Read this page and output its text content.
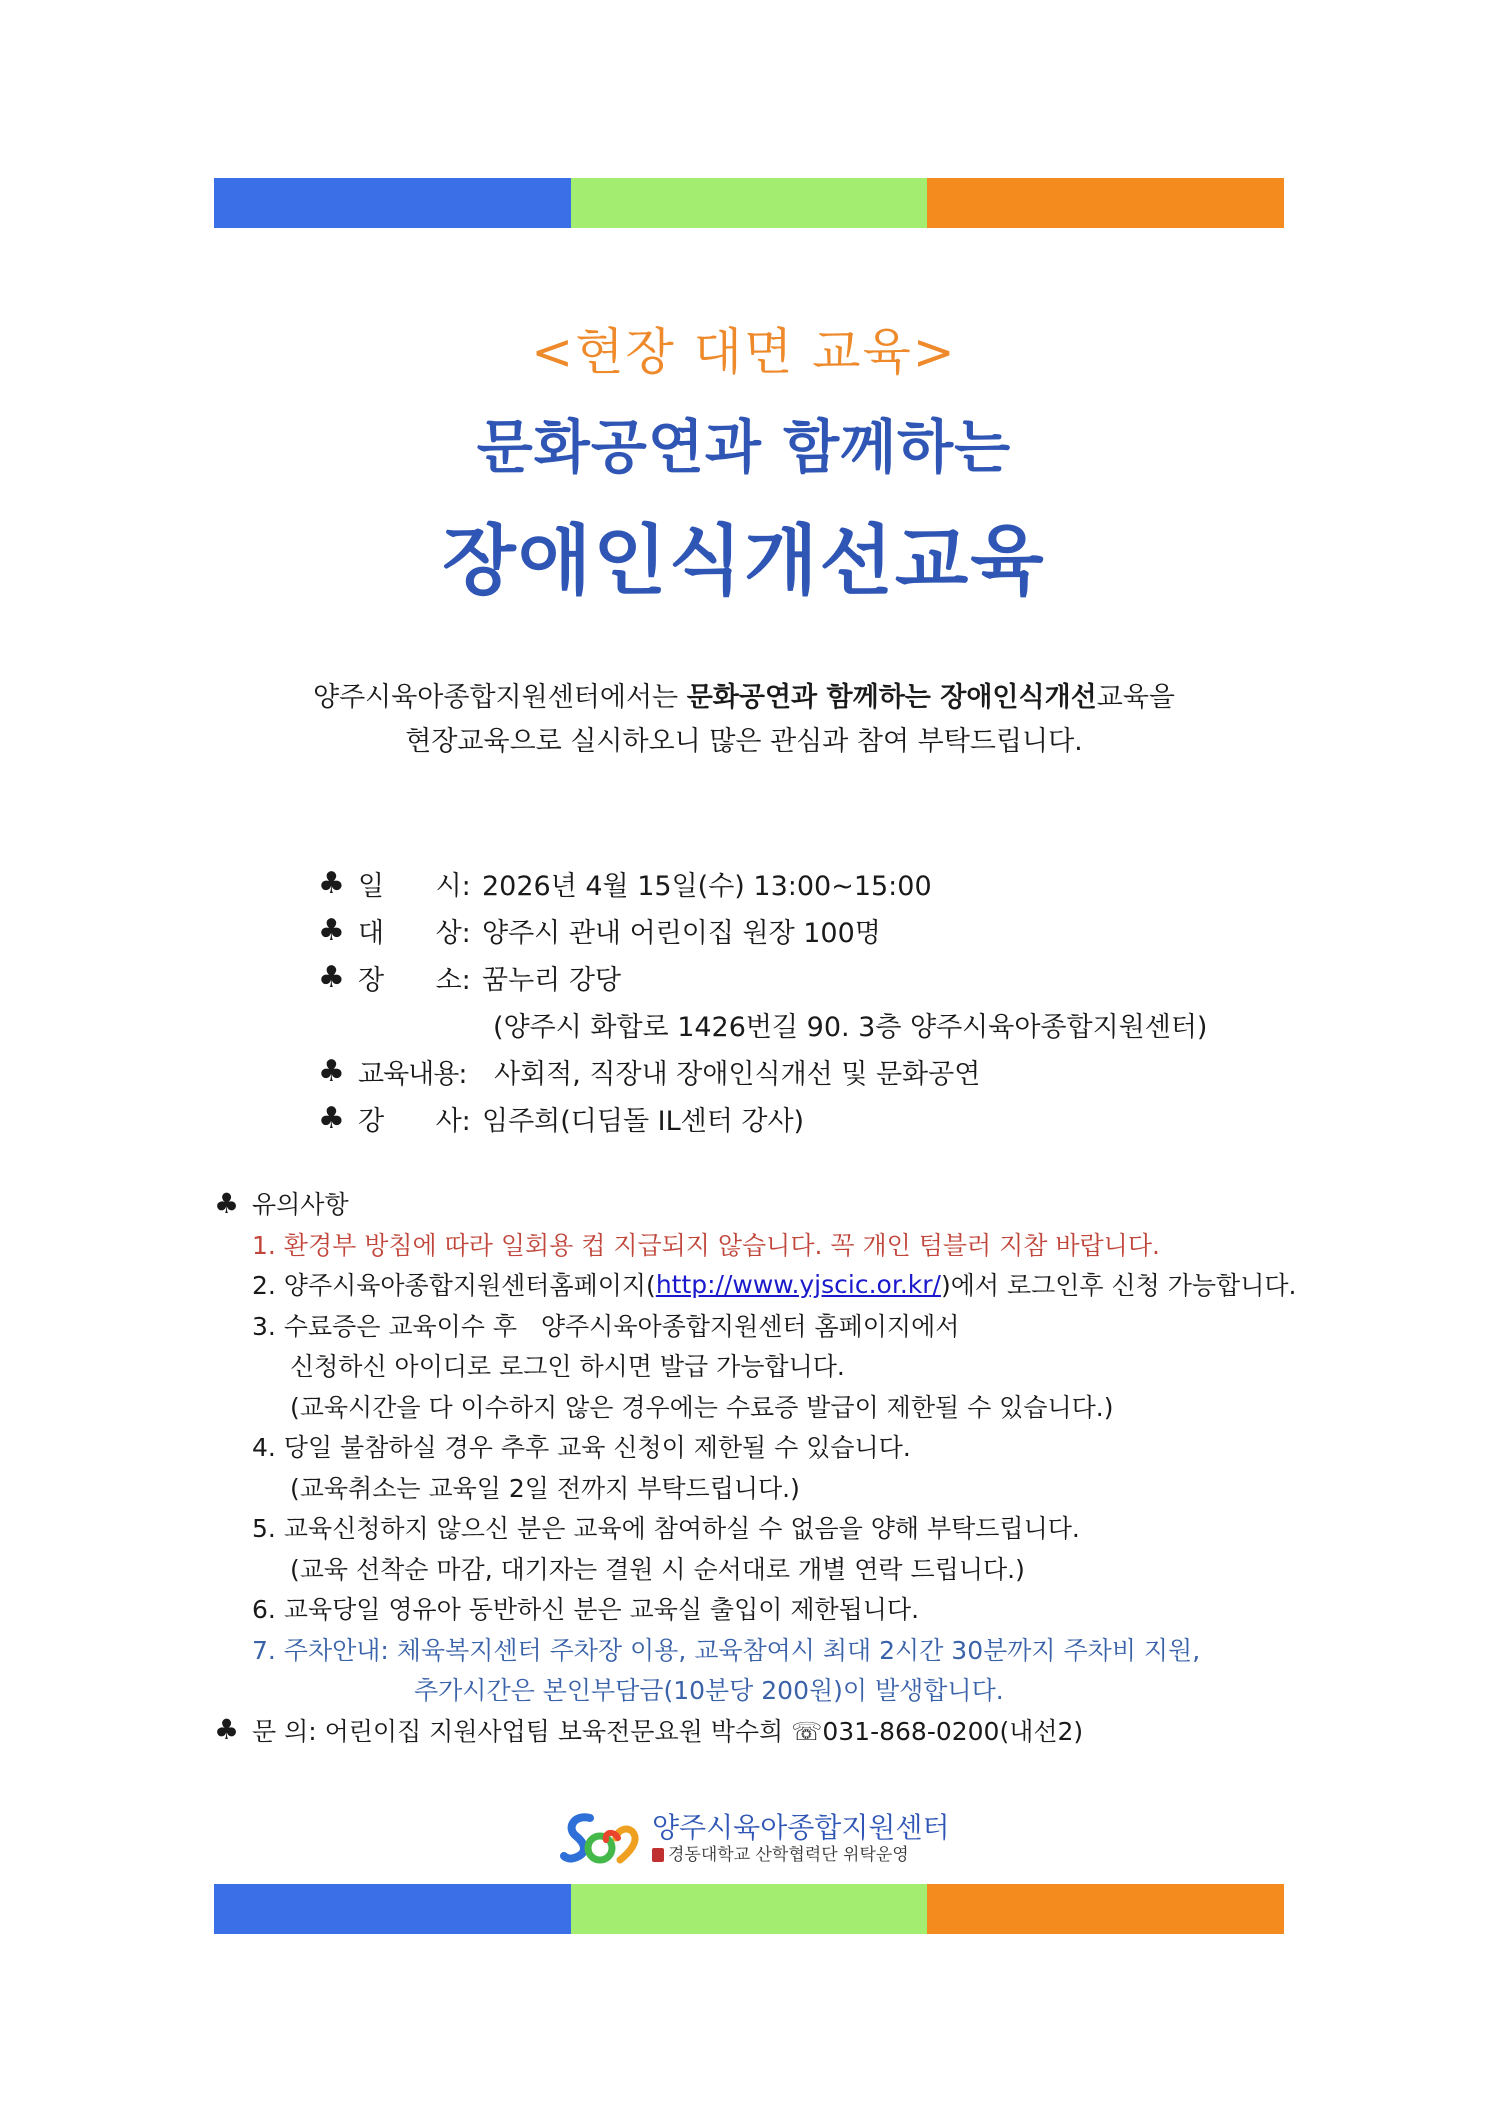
<현장 대면 교육>
문화공연과 함께하는
장애인식개선교육
양주시육아종합지원센터에서는 문화공연과 함께하는 장애인식개선교육을
현장교육으로 실시하오니 많은 관심과 참여 부탁드립니다.
♣ 일      시: 2026년 4월 15일(수) 13:00~15:00
♣ 대      상: 양주시 관내 어린이집 원장 100명
♣ 장      소: 꿈누리 강당
(양주시 화합로 1426번길 90. 3층 양주시육아종합지원센터)
♣ 교육내용:	사회적, 직장내 장애인식개선 및 문화공연
♣ 강      사: 임주희(디딤돌 IL센터 강사)
♣ 유의사항
1. 환경부 방침에 따라 일회용 컵 지급되지 않습니다. 꼭 개인 텀블러 지참 바랍니다.
2. 양주시육아종합지원센터홈페이지( http://www.yjscic.or.kr/ )에서 로그인후 신청 가능합니다.
3. 수료증은 교육이수 후   양주시육아종합지원센터 홈페이지에서
신청하신 아이디로 로그인 하시면 발급 가능합니다.
(교육시간을 다 이수하지 않은 경우에는 수료증 발급이 제한될 수 있습니다.)
4. 당일 불참하실 경우 추후 교육 신청이 제한될 수 있습니다.
(교육취소는 교육일 2일 전까지 부탁드립니다.)
5. 교육신청하지 않으신 분은 교육에 참여하실 수 없음을 양해 부탁드립니다.
(교육 선착순 마감, 대기자는 결원 시 순서대로 개별 연락 드립니다.)
6. 교육당일 영유아 동반하신 분은 교육실 출입이 제한됩니다.
7. 주차안내: 체육복지센터 주차장 이용, 교육참여시 최대 2시간 30분까지 주차비 지원,
추가시간은 본인부담금(10분당 200원)이 발생합니다.
♣ 문 의: 어린이집 지원사업팀 보육전문요원 박수희 ☏031-868-0200(내선2)
양주시육아종합지원센터
경동대학교 산학협력단 위탁운영
